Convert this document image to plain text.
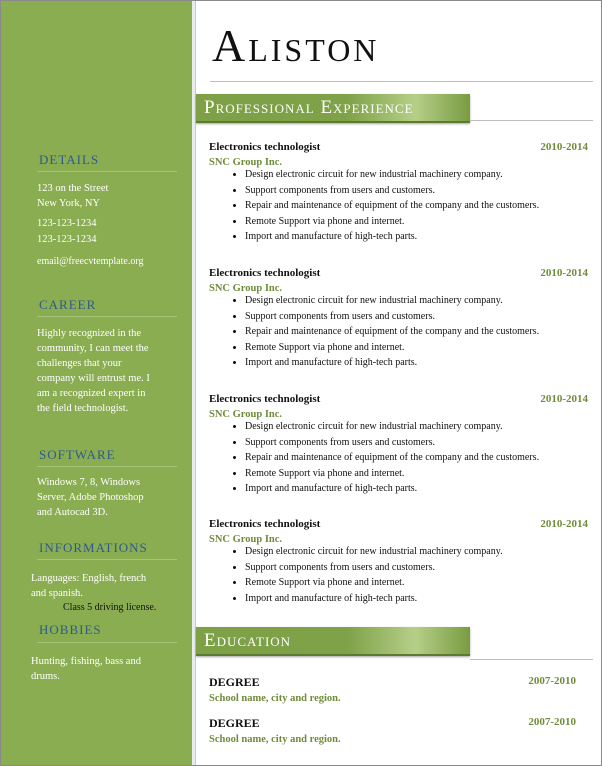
DETAILS

123 on the Street

New York, NY

123-123-1234

123-123-1234

email@freecvtemplate.org

CAREER

Highly recognized in the

community, I can meet the

challenges that your

company will entrust me. I

am a recognized expert in

the field technologist.

SOFTWARE

Windows 7, 8, Windows

Server, Adobe Photoshop

and Autocad 3D.

INFORMATIONS

Languages: English, french

and spanish.

Class 5 driving license.

HOBBIES

Hunting, fishing, bass and

drums.

Aliston
Professional Experience
Electronics technologist	2010-2014
SNC Group Inc.
• Design electronic circuit for new industrial machinery company.
• Support components from users and customers.
• Repair and maintenance of equipment of the company and the customers.
• Remote Support via phone and internet.
• Import and manufacture of high-tech parts.
Electronics technologist	2010-2014
SNC Group Inc.
• Design electronic circuit for new industrial machinery company.
• Support components from users and customers.
• Repair and maintenance of equipment of the company and the customers.
• Remote Support via phone and internet.
• Import and manufacture of high-tech parts.
Electronics technologist	2010-2014
SNC Group Inc.
• Design electronic circuit for new industrial machinery company.
• Support components from users and customers.
• Repair and maintenance of equipment of the company and the customers.
• Remote Support via phone and internet.
• Import and manufacture of high-tech parts.
Electronics technologist	2010-2014
SNC Group Inc.
• Design electronic circuit for new industrial machinery company.
• Support components from users and customers.
• Remote Support via phone and internet.
• Import and manufacture of high-tech parts.
Education
DEGREE	2007-2010
School name, city and region.
DEGREE	2007-2010
School name, city and region.
